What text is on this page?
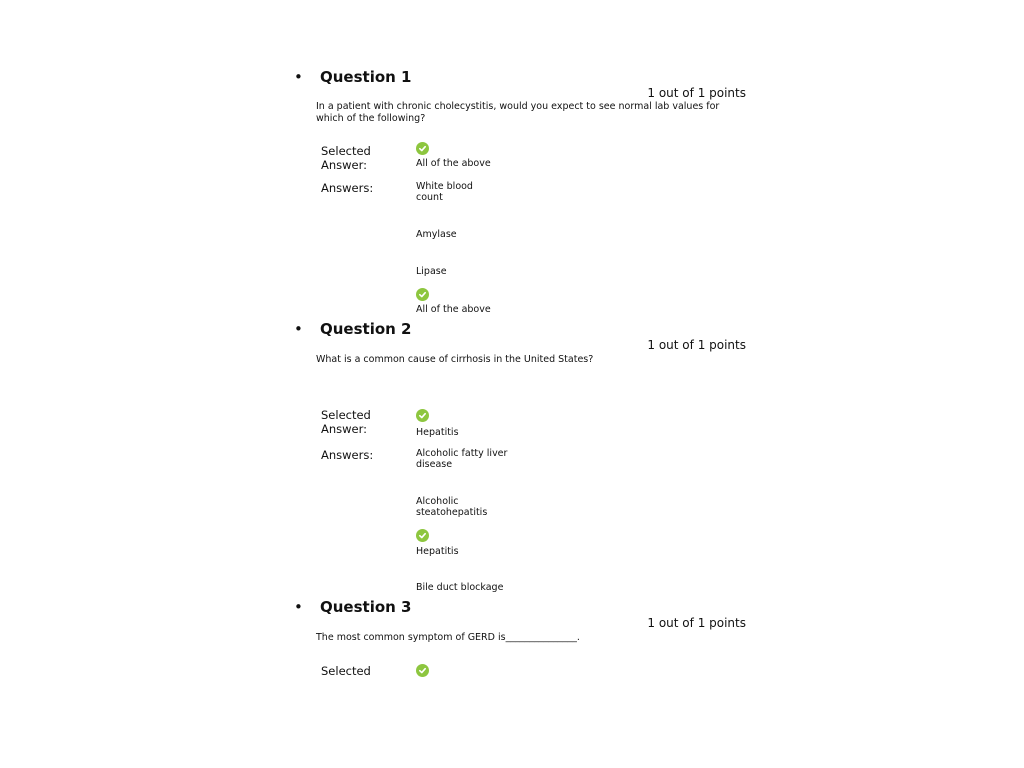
• Question 1
1 out of 1 points
In a patient with chronic cholecystitis, would you expect to see normal lab values for which of the following?
Selected Answer:	All of the above
Answers:	White blood count
Amylase
Lipase
All of the above
• Question 2
1 out of 1 points
What is a common cause of cirrhosis in the United States?
Selected Answer:	Hepatitis
Answers:	Alcoholic fatty liver disease
Alcoholic steatohepatitis
Hepatitis
Bile duct blockage
• Question 3
1 out of 1 points
The most common symptom of GERD is_______________.
Selected
